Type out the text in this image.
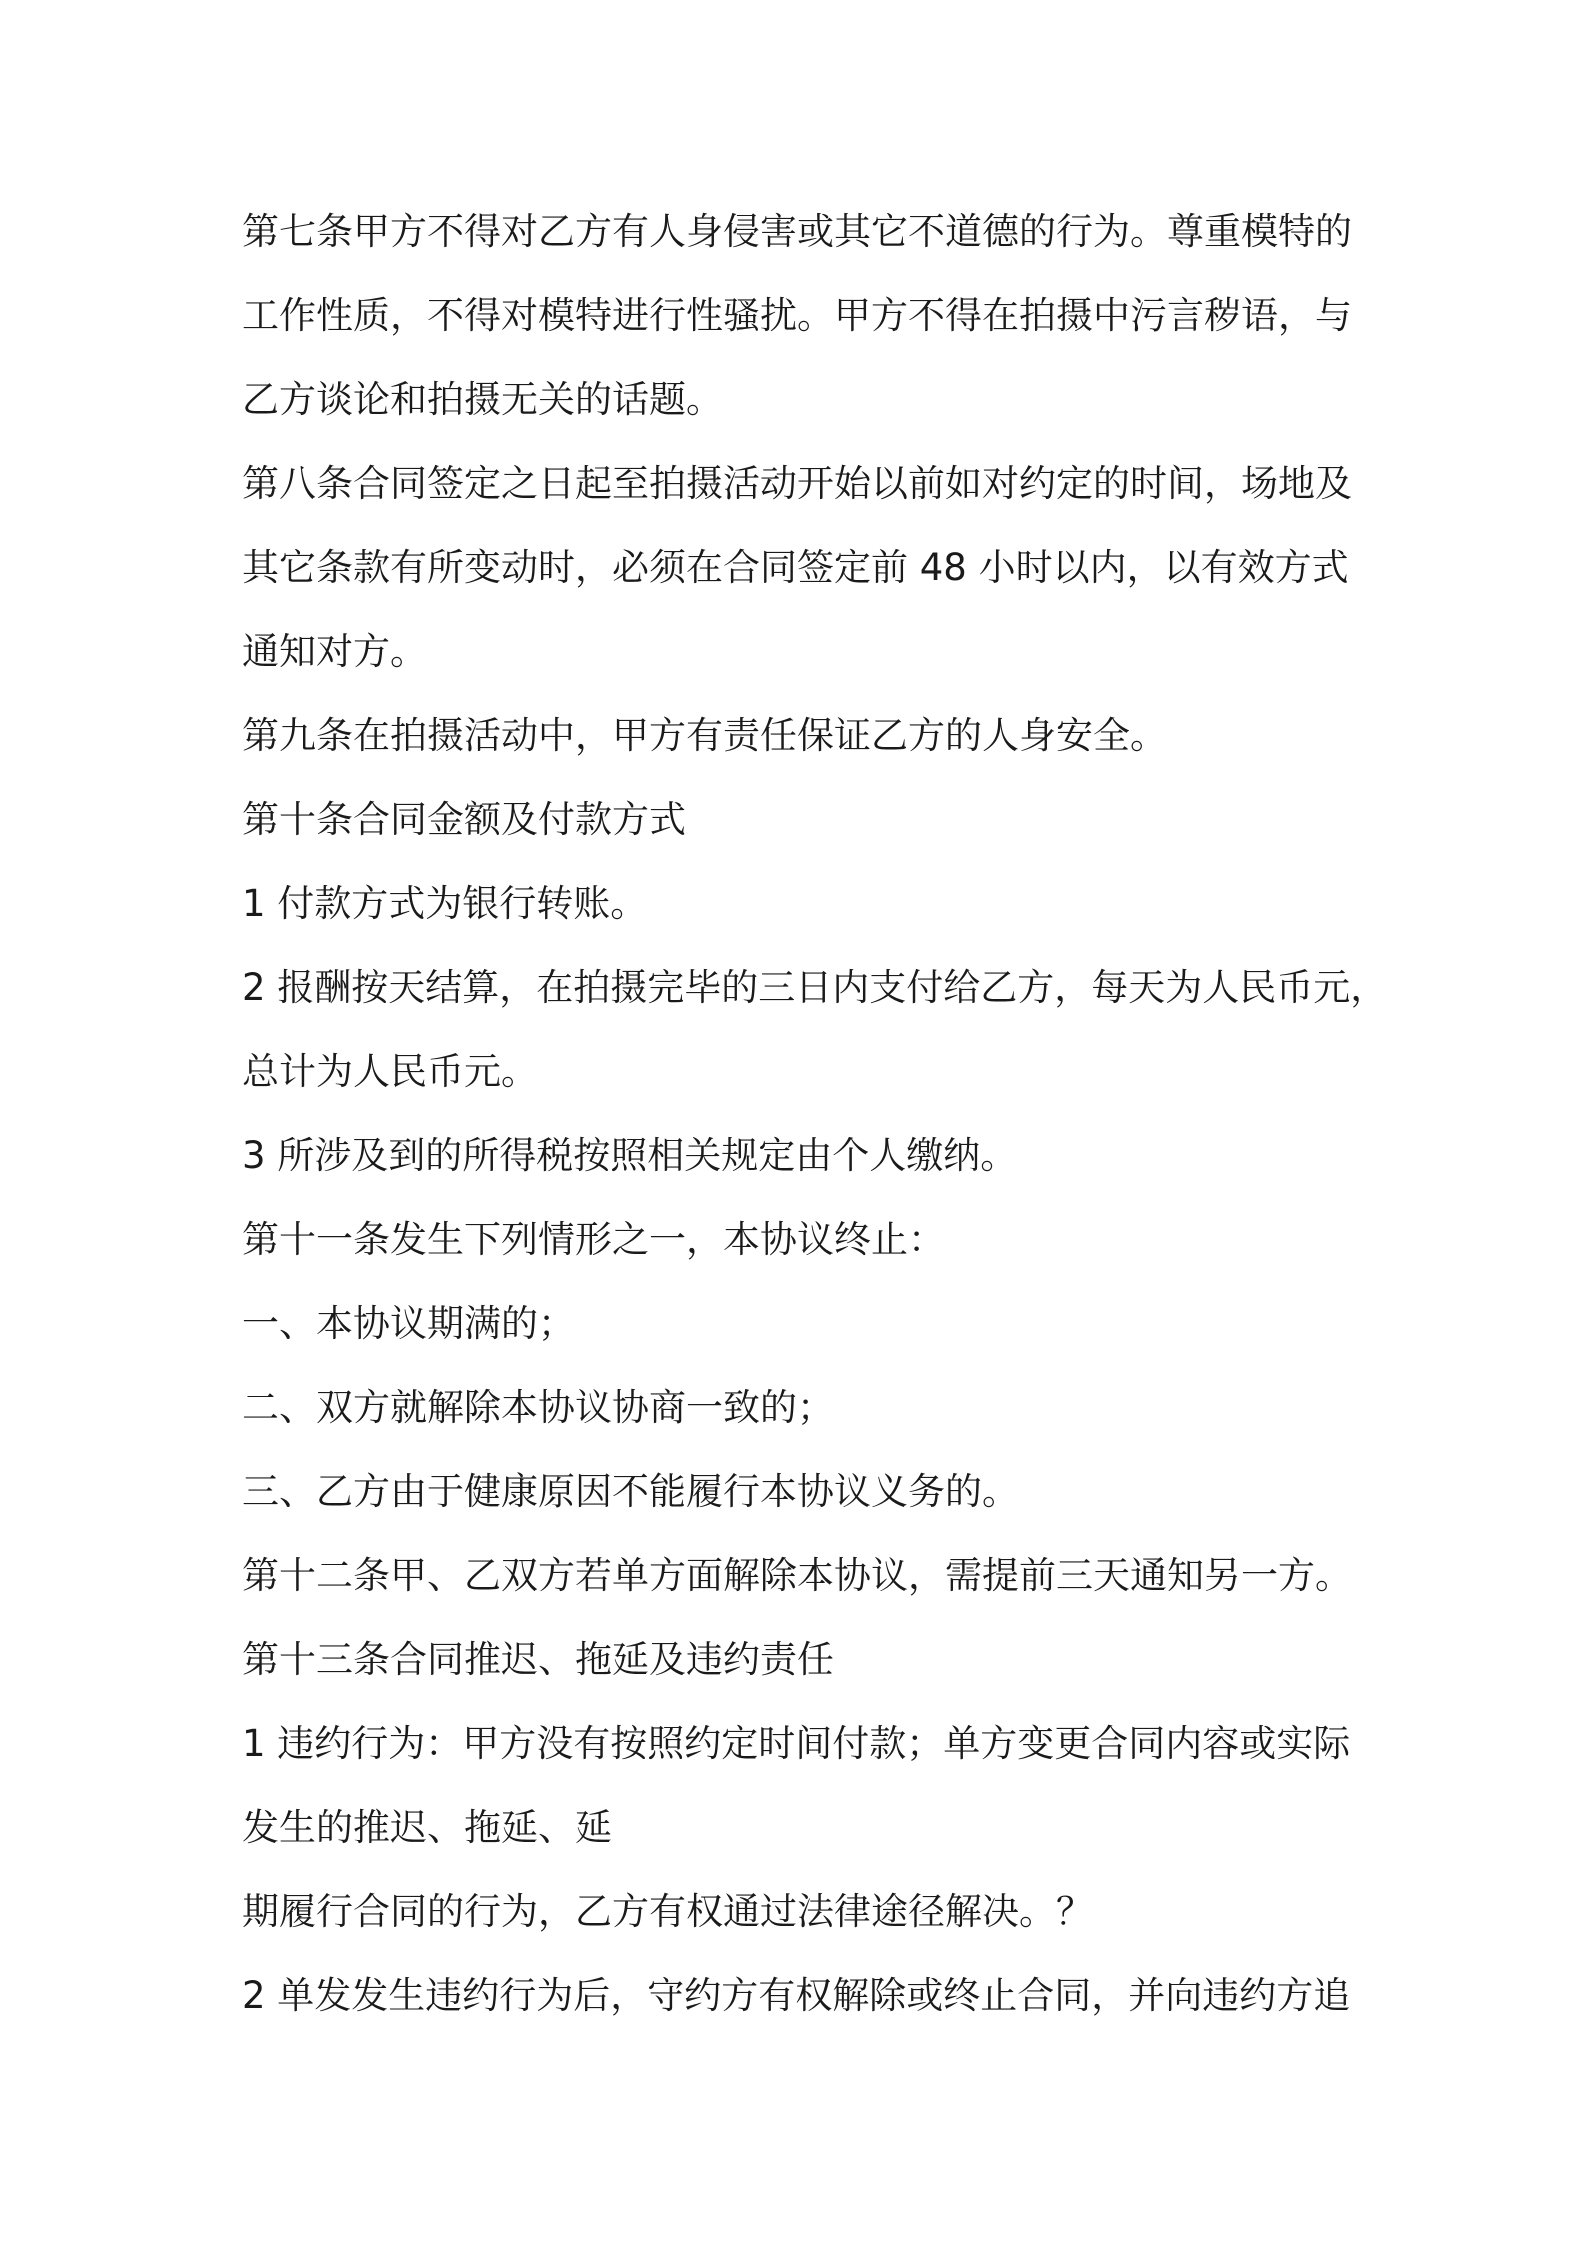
第七条甲方不得对乙方有人身侵害或其它不道德的行为。尊重模特的
工作性质，不得对模特进行性骚扰。甲方不得在拍摄中污言秽语，与
乙方谈论和拍摄无关的话题。
第八条合同签定之日起至拍摄活动开始以前如对约定的时间，场地及
其它条款有所变动时，必须在合同签定前 48 小时以内，以有效方式
通知对方。
第九条在拍摄活动中，甲方有责任保证乙方的人身安全。
第十条合同金额及付款方式
1 付款方式为银行转账。
2 报酬按天结算，在拍摄完毕的三日内支付给乙方，每天为人民币元，
总计为人民币元。
3 所涉及到的所得税按照相关规定由个人缴纳。
第十一条发生下列情形之一，本协议终止：
一、本协议期满的；
二、双方就解除本协议协商一致的；
三、乙方由于健康原因不能履行本协议义务的。
第十二条甲、乙双方若单方面解除本协议，需提前三天通知另一方。
第十三条合同推迟、拖延及违约责任
1 违约行为：甲方没有按照约定时间付款；单方变更合同内容或实际
发生的推迟、拖延、延
期履行合同的行为，乙方有权通过法律途径解决。？
2 单发发生违约行为后，守约方有权解除或终止合同，并向违约方追
